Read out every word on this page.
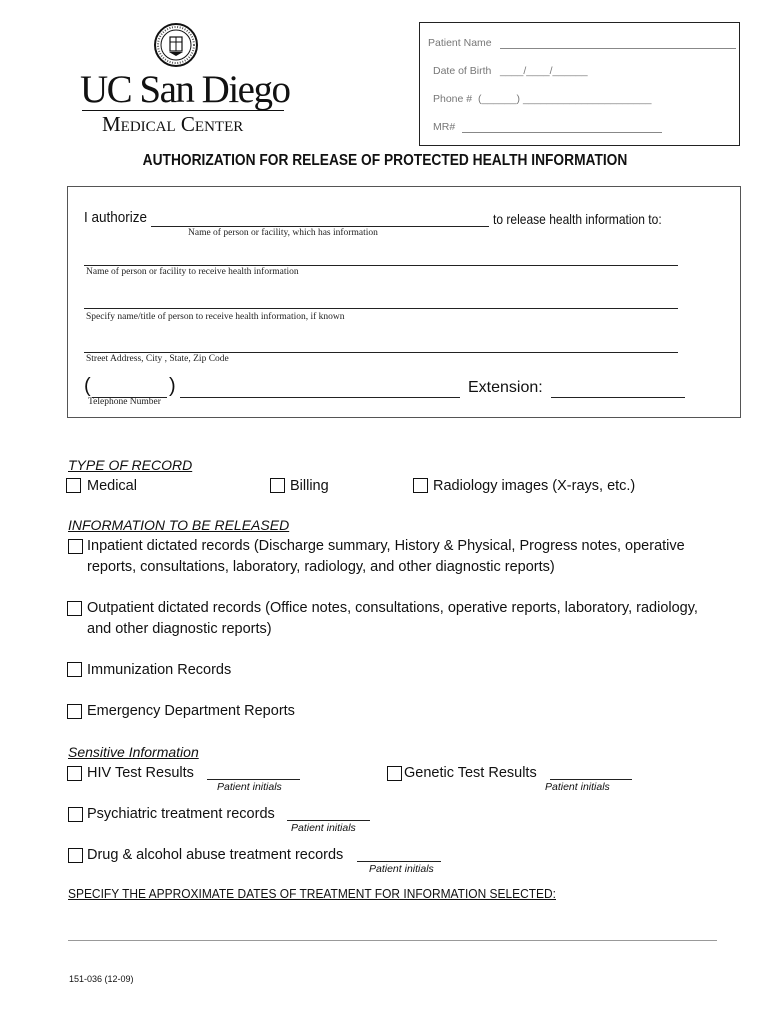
UC San Diego
Medical Center
Patient Name
Date of Birth ____/____/______
Phone # (______) ______________________
MR#
AUTHORIZATION FOR RELEASE OF PROTECTED HEALTH INFORMATION
I authorize	to release health information to:
Name of person or facility, which has information
Name of person or facility to receive health information
Specify name/title of person to receive health information, if known
Street Address, City , State, Zip Code
(	)
Telephone Number
Extension:
TYPE OF RECORD
Medical	Billing	Radiology images (X-rays, etc.)
INFORMATION TO BE RELEASED
Inpatient dictated records (Discharge summary, History & Physical, Progress notes, operative
reports, consultations, laboratory, radiology, and other diagnostic reports)
Outpatient dictated records (Office notes, consultations, operative reports, laboratory, radiology,
and other diagnostic reports)
Immunization Records
Emergency Department Reports
Sensitive Information
HIV Test Results
Patient initials
Genetic Test Results
Patient initials
Psychiatric treatment records
Patient initials
Drug & alcohol abuse treatment records
Patient initials
SPECIFY THE APPROXIMATE DATES OF TREATMENT FOR INFORMATION SELECTED:
151-036 (12-09)
